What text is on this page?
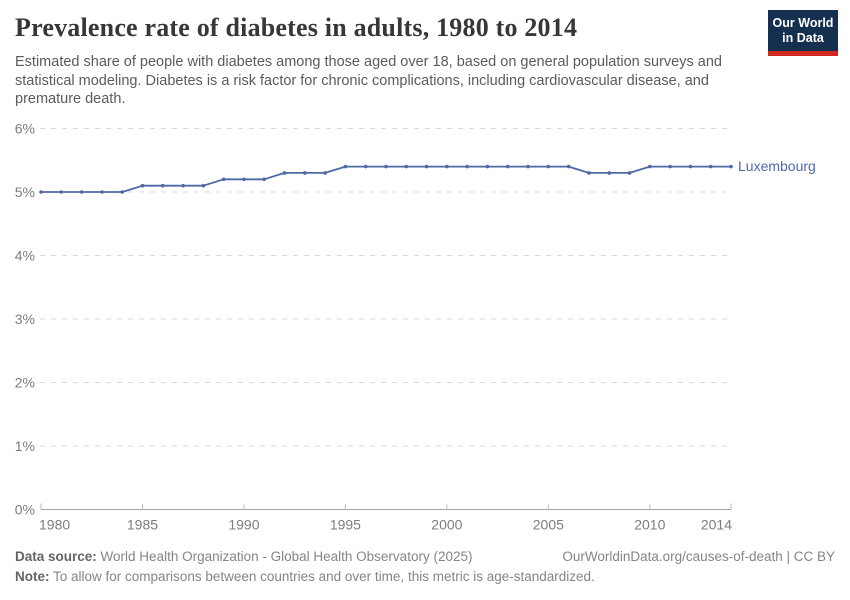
0%
1%
2%
3%
4%
5%
6%
1980	1985	1990	1995	2000	2005	2010	2014
Luxembourg
Prevalence rate of diabetes in adults, 1980 to 2014	Our World
in Data

Estimated share of people with diabetes among those aged over 18, based on general population surveys and statistical modeling. Diabetes is a risk factor for chronic complications, including cardiovascular disease, and premature death.

Data source: World Health Organization - Global Health Observatory (2025)	OurWorldinData.org/causes-of-death | CC BY
Note: To allow for comparisons between countries and over time, this metric is age-standardized.
